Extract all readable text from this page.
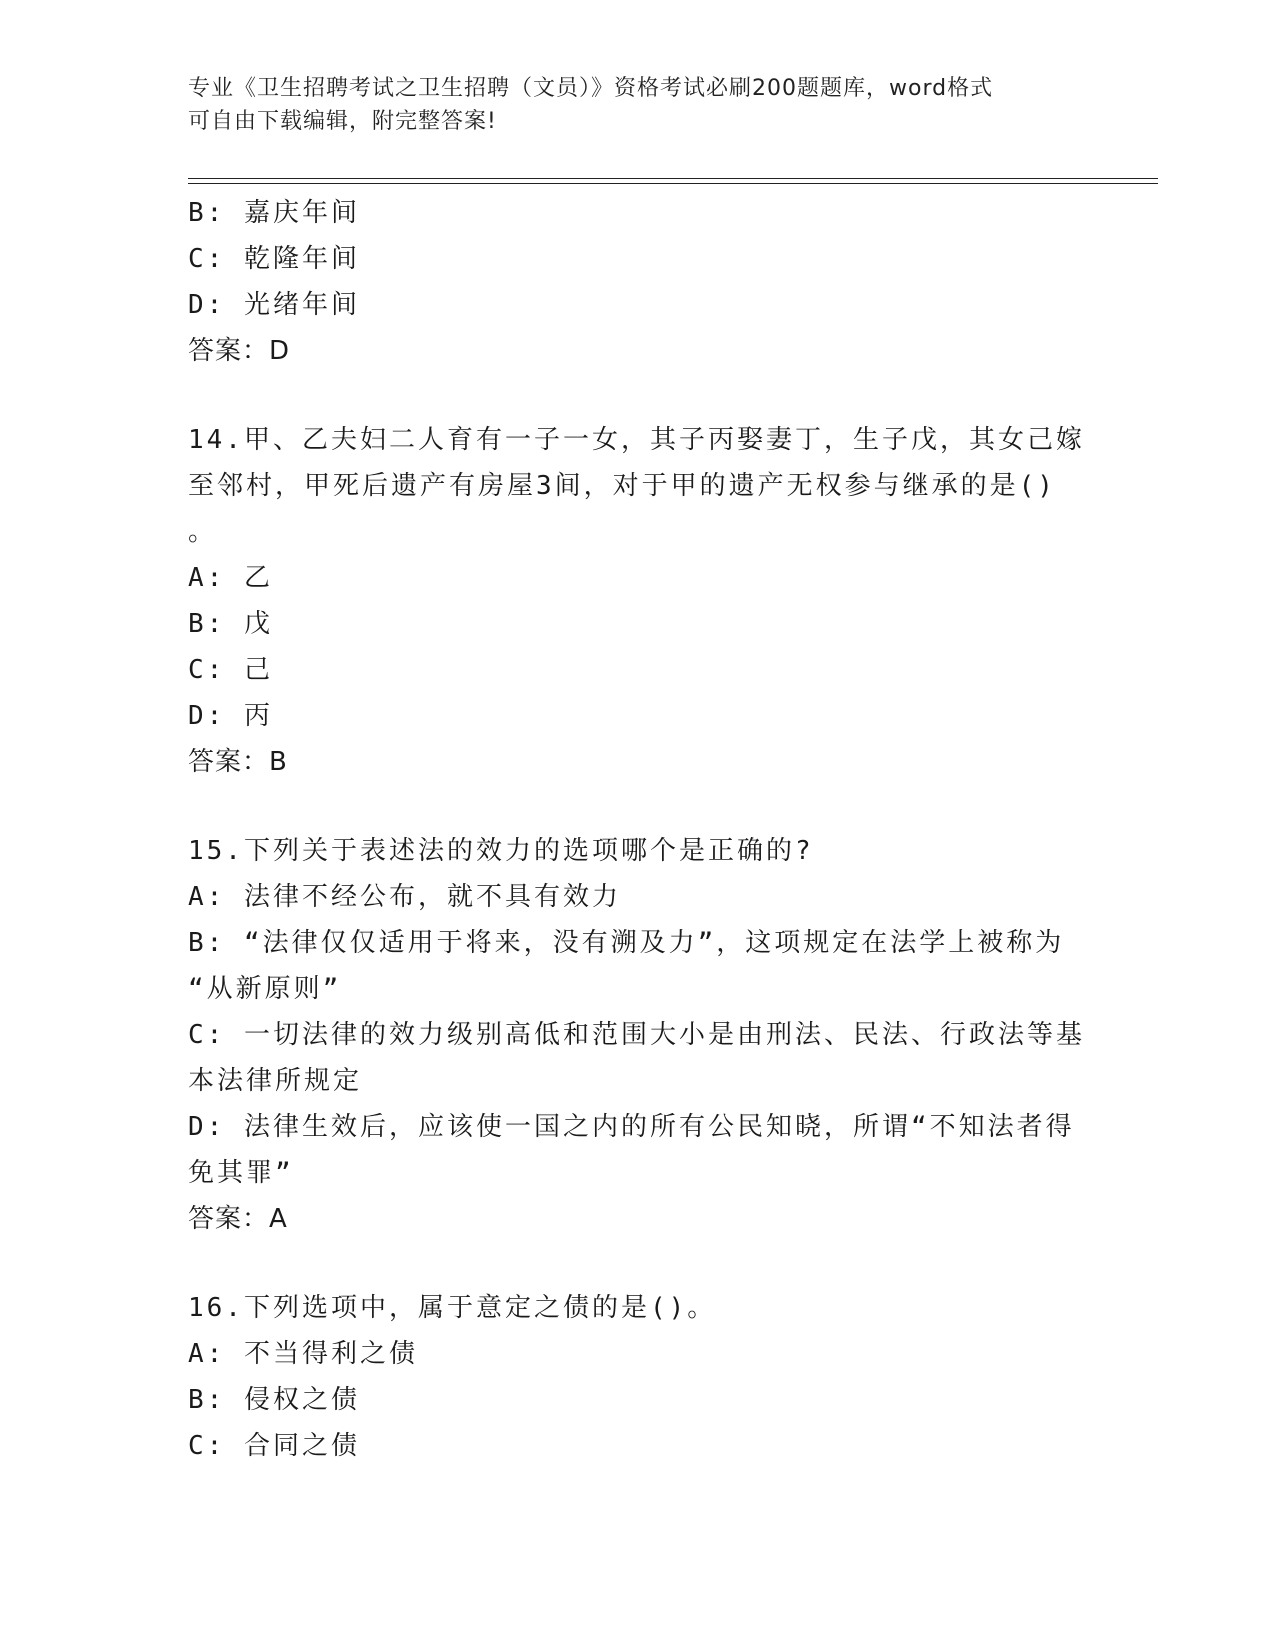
专业《卫生招聘考试之卫生招聘（文员）》资格考试必刷200题题库，word格式
可自由下载编辑，附完整答案!
B: 嘉庆年间
C: 乾隆年间
D: 光绪年间
答案：D
14.甲、乙夫妇二人育有一子一女，其子丙娶妻丁，生子戊，其女己嫁
至邻村，甲死后遗产有房屋3间，对于甲的遗产无权参与继承的是()
。
A: 乙
B: 戊
C: 己
D: 丙
答案：B
15.下列关于表述法的效力的选项哪个是正确的?
A: 法律不经公布，就不具有效力
B: “法律仅仅适用于将来，没有溯及力”，这项规定在法学上被称为
“从新原则”
C: 一切法律的效力级别高低和范围大小是由刑法、民法、行政法等基
本法律所规定
D: 法律生效后，应该使一国之内的所有公民知晓，所谓“不知法者得
免其罪”
答案：A
16.下列选项中，属于意定之债的是()。
A: 不当得利之债
B: 侵权之债
C: 合同之债
